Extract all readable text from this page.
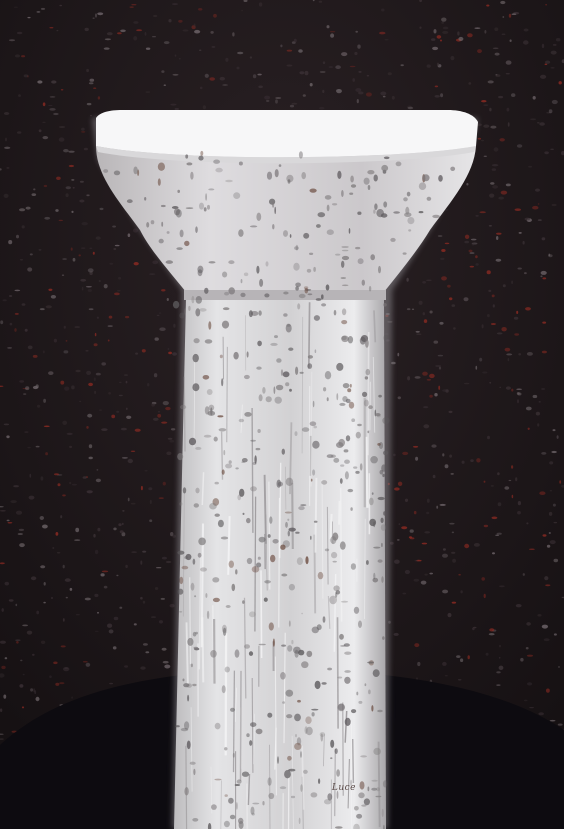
Luce
